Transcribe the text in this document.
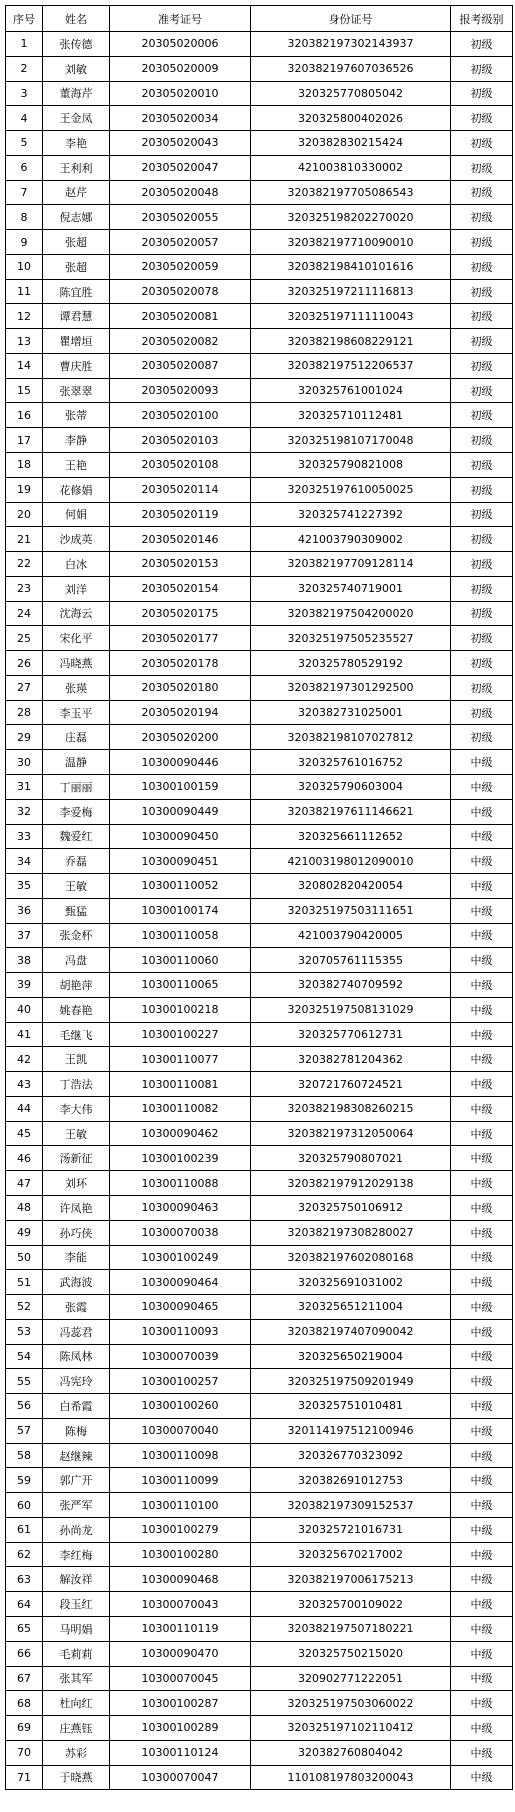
序号	姓名	准考证号	身份证号	报考级别
1	张传德	20305020006	320382197302143937	初级
2	刘敏	20305020009	320382197607036526	初级
3	董海芹	20305020010	320325770805042	初级
4	王金凤	20305020034	320325800402026	初级
5	李艳	20305020043	320382830215424	初级
6	王利利	20305020047	421003810330002	初级
7	赵芹	20305020048	320382197705086543	初级
8	倪志娜	20305020055	320325198202270020	初级
9	张超	20305020057	320382197710090010	初级
10	张超	20305020059	320382198410101616	初级
11	陈宜胜	20305020078	320325197211116813	初级
12	谭君慧	20305020081	320325197111110043	初级
13	瞿增垣	20305020082	320382198608229121	初级
14	曹庆胜	20305020087	320382197512206537	初级
15	张翠翠	20305020093	320325761001024	初级
16	张蒂	20305020100	320325710112481	初级
17	李静	20305020103	320325198107170048	初级
18	王艳	20305020108	320325790821008	初级
19	花修娟	20305020114	320325197610050025	初级
20	何娟	20305020119	320325741227392	初级
21	沙成英	20305020146	421003790309002	初级
22	白冰	20305020153	320382197709128114	初级
23	刘洋	20305020154	320325740719001	初级
24	沈海云	20305020175	320382197504200020	初级
25	宋化平	20305020177	320325197505235527	初级
26	冯晓燕	20305020178	320325780529192	初级
27	张瑛	20305020180	320382197301292500	初级
28	李玉平	20305020194	320382731025001	初级
29	庄磊	20305020200	320382198107027812	初级
30	温静	10300090446	320325761016752	中级
31	丁丽丽	10300100159	320325790603004	中级
32	李爱梅	10300090449	320382197611146621	中级
33	魏爱红	10300090450	320325661112652	中级
34	乔磊	10300090451	421003198012090010	中级
35	王敏	10300110052	320802820420054	中级
36	甄猛	10300100174	320325197503111651	中级
37	张金杯	10300110058	421003790420005	中级
38	冯盘	10300110060	320705761115355	中级
39	胡艳萍	10300110065	320382740709592	中级
40	姚春艳	10300100218	320325197508131029	中级
41	毛继飞	10300100227	320325770612731	中级
42	王凯	10300110077	320382781204362	中级
43	丁浩法	10300110081	320721760724521	中级
44	李大伟	10300110082	320382198308260215	中级
45	王敏	10300090462	320382197312050064	中级
46	汤新征	10300100239	320325790807021	中级
47	刘环	10300110088	320382197912029138	中级
48	许凤艳	10300090463	320325750106912	中级
49	孙巧侠	10300070038	320382197308280027	中级
50	李能	10300100249	320382197602080168	中级
51	武海波	10300090464	320325691031002	中级
52	张霞	10300090465	320325651211004	中级
53	冯蕊君	10300110093	320382197407090042	中级
54	陈凤林	10300070039	320325650219004	中级
55	冯宪玲	10300100257	320325197509201949	中级
56	白希霞	10300100260	320325751010481	中级
57	陈梅	10300070040	320114197512100946	中级
58	赵继辣	10300110098	320326770323092	中级
59	郭广开	10300110099	320382691012753	中级
60	张严军	10300110100	320382197309152537	中级
61	孙尚龙	10300100279	320325721016731	中级
62	李红梅	10300100280	320325670217002	中级
63	解汝祥	10300090468	320382197006175213	中级
64	段玉红	10300070043	320325700109022	中级
65	马明娟	10300110119	320382197507180221	中级
66	毛莉莉	10300090470	320325750215020	中级
67	张其军	10300070045	320902771222051	中级
68	杜向红	10300100287	320325197503060022	中级
69	庄燕钰	10300100289	320325197102110412	中级
70	苏彩	10300110124	320382760804042	中级
71	于晓燕	10300070047	110108197803200043	中级
